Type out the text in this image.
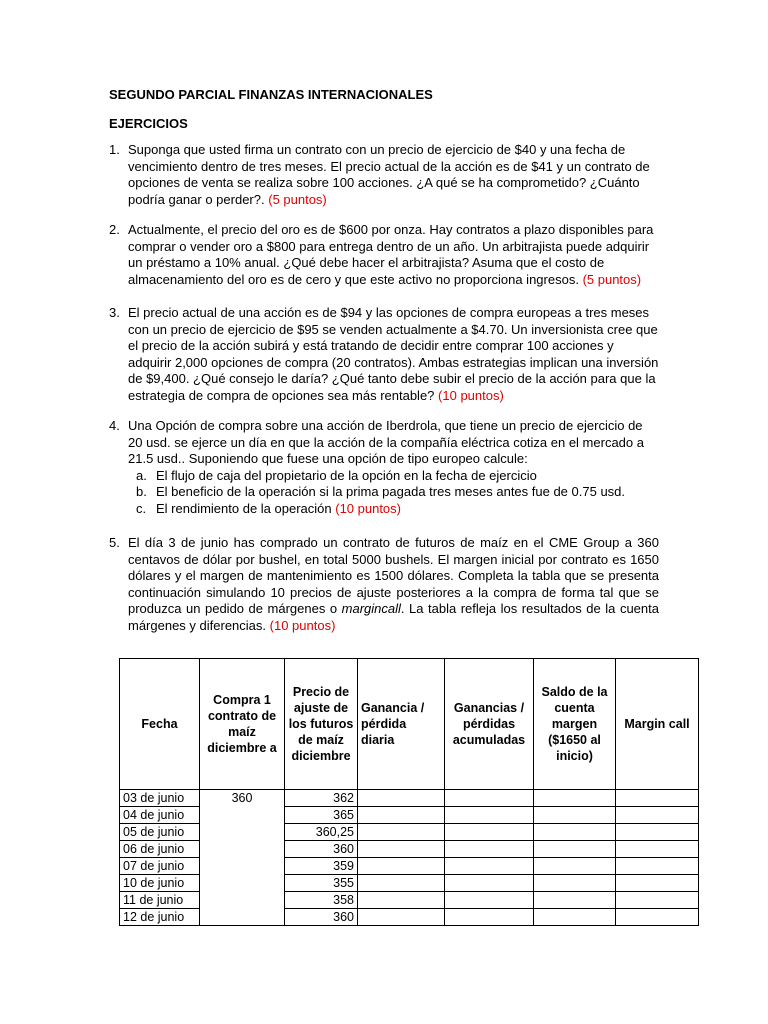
SEGUNDO PARCIAL FINANZAS INTERNACIONALES
EJERCICIOS
1. Suponga que usted firma un contrato con un precio de ejercicio de $40 y una fecha de vencimiento dentro de tres meses. El precio actual de la acción es de $41 y un contrato de opciones de venta se realiza sobre 100 acciones. ¿A qué se ha comprometido? ¿Cuánto podría ganar o perder?. (5 puntos)
2. Actualmente, el precio del oro es de $600 por onza. Hay contratos a plazo disponibles para comprar o vender oro a $800 para entrega dentro de un año. Un arbitrajista puede adquirir un préstamo a 10% anual. ¿Qué debe hacer el arbitrajista? Asuma que el costo de almacenamiento del oro es de cero y que este activo no proporciona ingresos. (5 puntos)
3. El precio actual de una acción es de $94 y las opciones de compra europeas a tres meses con un precio de ejercicio de $95 se venden actualmente a $4.70. Un inversionista cree que el precio de la acción subirá y está tratando de decidir entre comprar 100 acciones y adquirir 2,000 opciones de compra (20 contratos). Ambas estrategias implican una inversión de $9,400. ¿Qué consejo le daría? ¿Qué tanto debe subir el precio de la acción para que la estrategia de compra de opciones sea más rentable? (10 puntos)
4. Una Opción de compra sobre una acción de Iberdrola, que tiene un precio de ejercicio de 20 usd. se ejerce un día en que la acción de la compañía eléctrica cotiza en el mercado a 21.5 usd.. Suponiendo que fuese una opción de tipo europeo calcule:
a. El flujo de caja del propietario de la opción en la fecha de ejercicio
b. El beneficio de la operación si la prima pagada tres meses antes fue de 0.75 usd.
c. El rendimiento de la operación (10 puntos)
5. El día 3 de junio has comprado un contrato de futuros de maíz en el CME Group a 360 centavos de dólar por bushel, en total 5000 bushels. El margen inicial por contrato es 1650 dólares y el margen de mantenimiento es 1500 dólares. Completa la tabla que se presenta continuación simulando 10 precios de ajuste posteriores a la compra de forma tal que se produzca un pedido de márgenes o margincall. La tabla refleja los resultados de la cuenta márgenes y diferencias. (10 puntos)
Fecha	Compra 1 contrato de maíz diciembre a	Precio de ajuste de los futuros de maíz diciembre	Ganancia / pérdida diaria	Ganancias / pérdidas acumuladas	Saldo de la cuenta margen ($1650 al inicio)	Margin call
03 de junio	360	362				
04 de junio		365				
05 de junio		360,25				
06 de junio		360				
07 de junio		359				
10 de junio		355				
11 de junio		358				
12 de junio		360				
